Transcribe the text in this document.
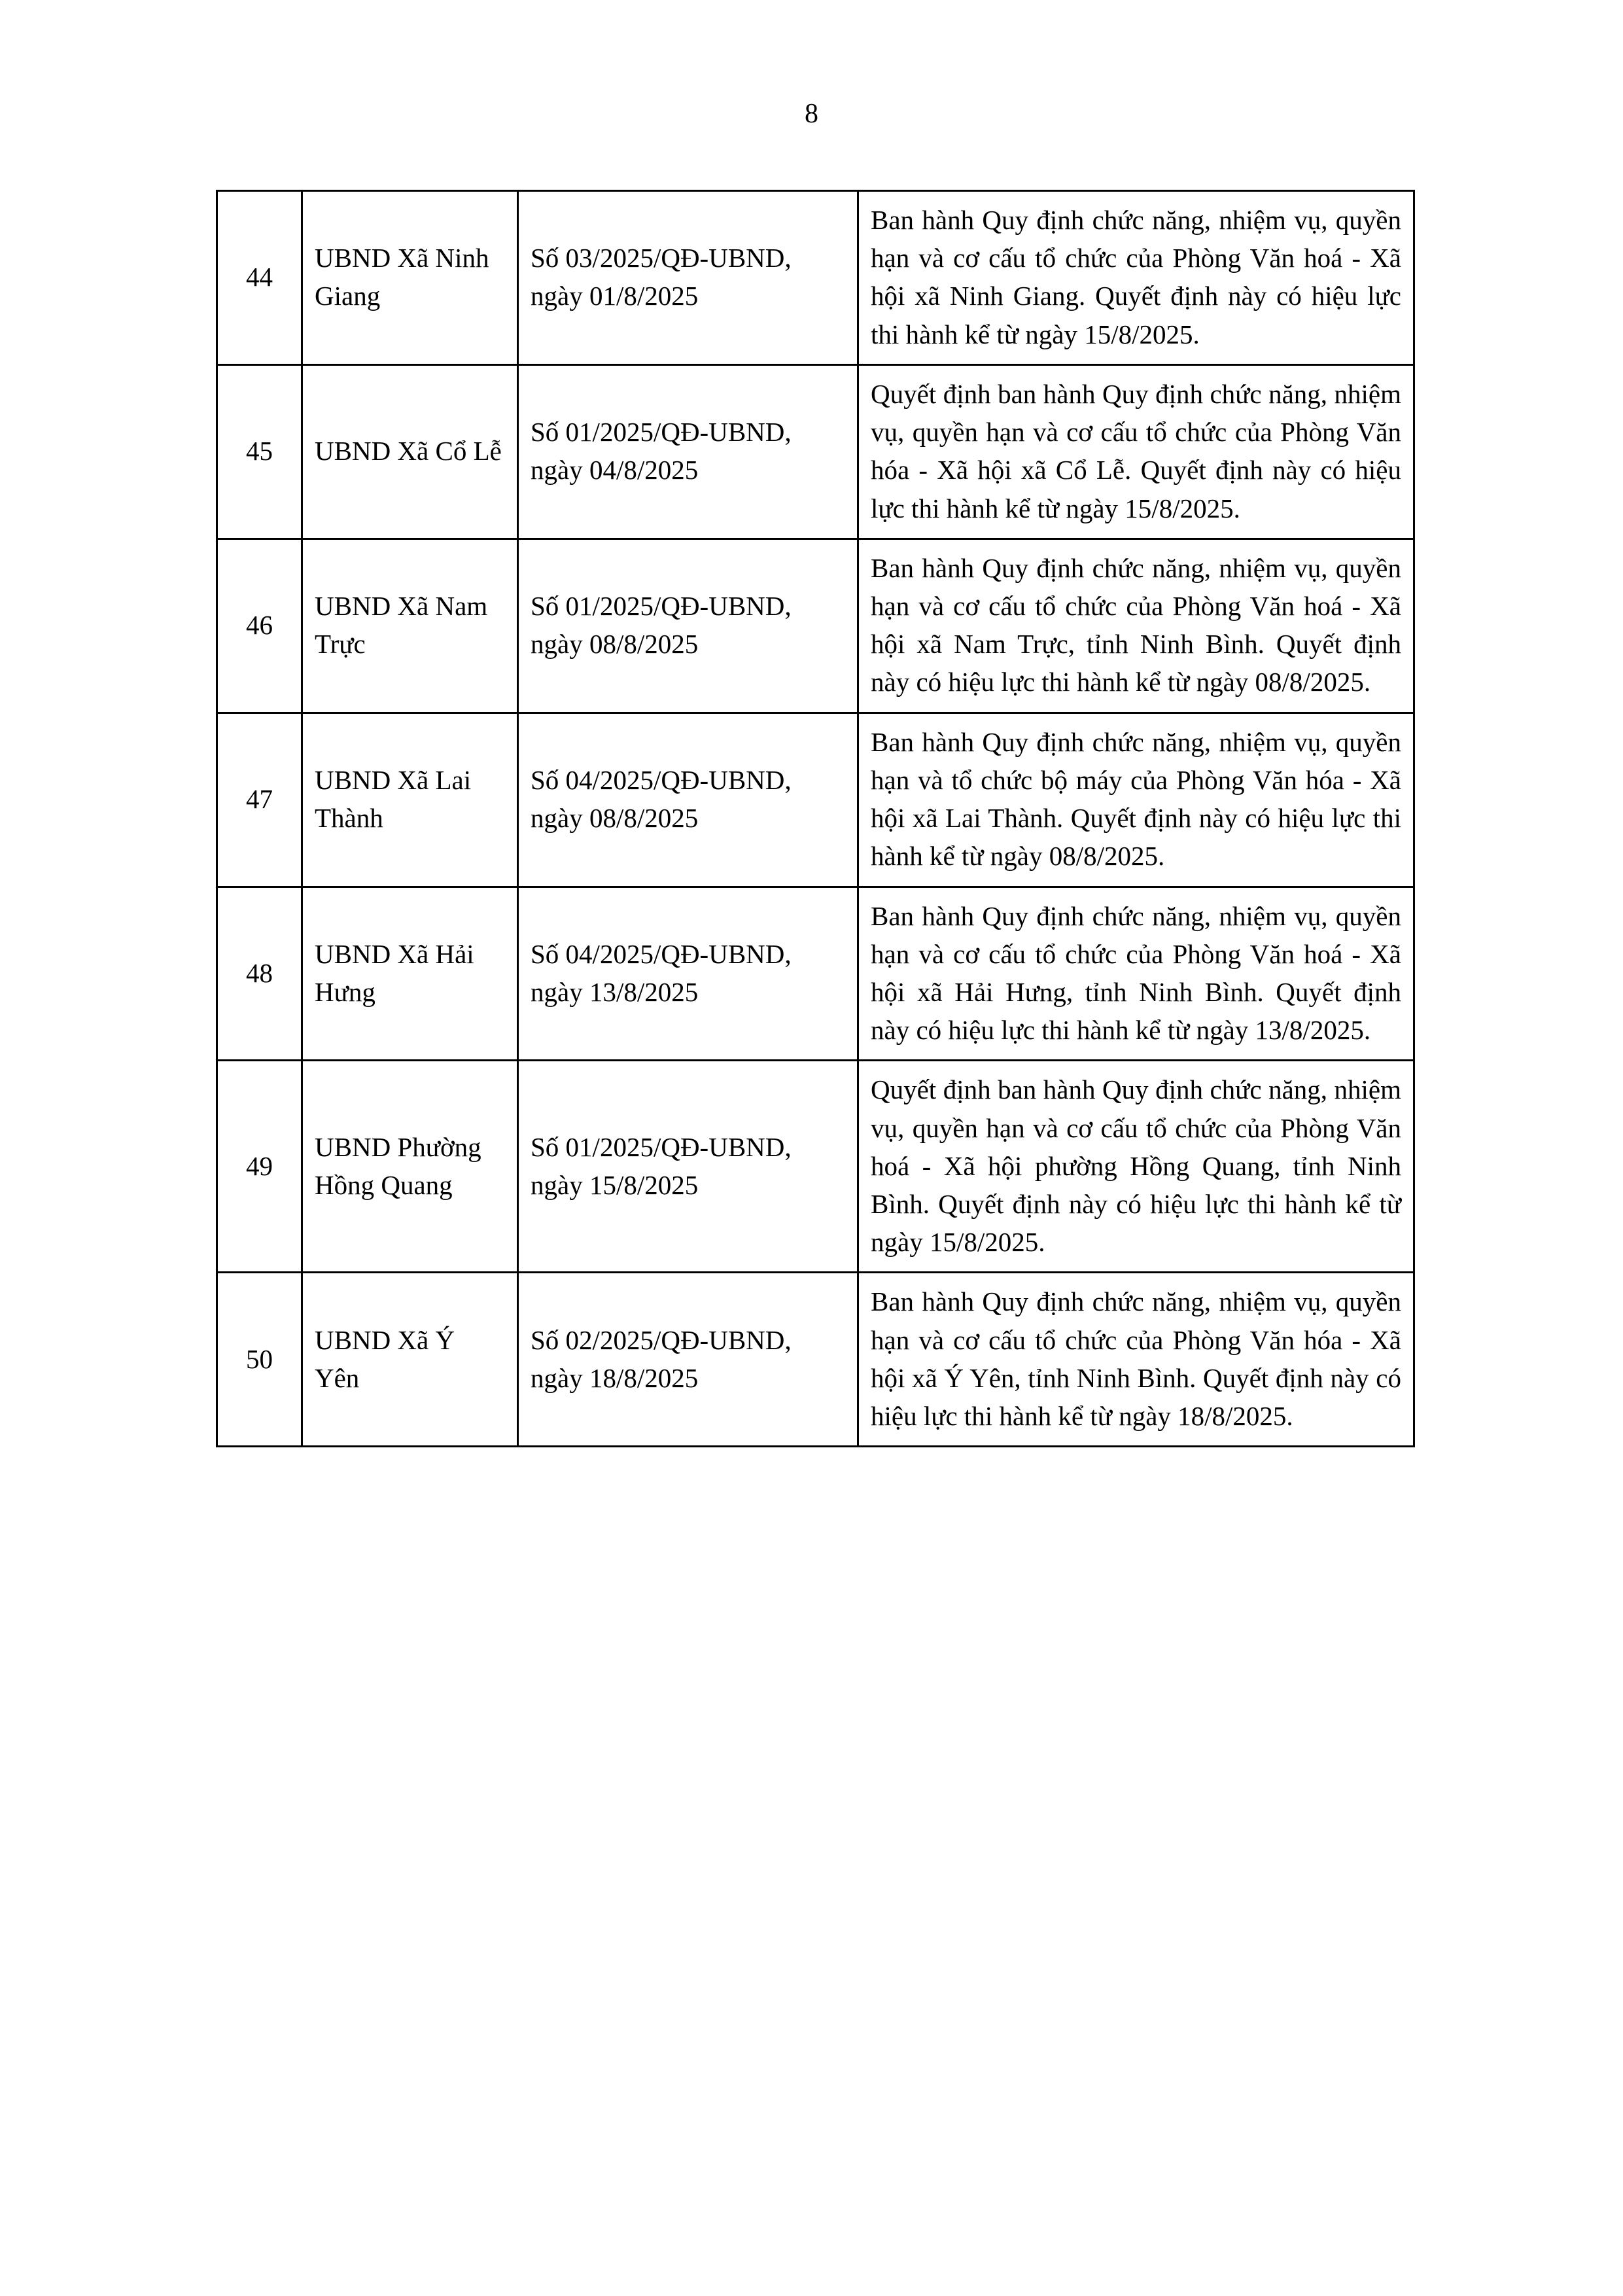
8
44	UBND Xã Ninh Giang	Số 03/2025/QĐ-UBND, ngày 01/8/2025	Ban hành Quy định chức năng, nhiệm vụ, quyền hạn và cơ cấu tổ chức của Phòng Văn hoá - Xã hội xã Ninh Giang. Quyết định này có hiệu lực thi hành kể từ ngày 15/8/2025.
45	UBND Xã Cổ Lễ	Số 01/2025/QĐ-UBND, ngày 04/8/2025	Quyết định ban hành Quy định chức năng, nhiệm vụ, quyền hạn và cơ cấu tổ chức của Phòng Văn hóa - Xã hội xã Cổ Lễ. Quyết định này có hiệu lực thi hành kể từ ngày 15/8/2025.
46	UBND Xã Nam Trực	Số 01/2025/QĐ-UBND, ngày 08/8/2025	Ban hành Quy định chức năng, nhiệm vụ, quyền hạn và cơ cấu tổ chức của Phòng Văn hoá - Xã hội xã Nam Trực, tỉnh Ninh Bình. Quyết định này có hiệu lực thi hành kể từ ngày 08/8/2025.
47	UBND Xã Lai Thành	Số 04/2025/QĐ-UBND, ngày 08/8/2025	Ban hành Quy định chức năng, nhiệm vụ, quyền hạn và tổ chức bộ máy của Phòng Văn hóa - Xã hội xã Lai Thành. Quyết định này có hiệu lực thi hành kể từ ngày 08/8/2025.
48	UBND Xã Hải Hưng	Số 04/2025/QĐ-UBND, ngày 13/8/2025	Ban hành Quy định chức năng, nhiệm vụ, quyền hạn và cơ cấu tổ chức của Phòng Văn hoá - Xã hội xã Hải Hưng, tỉnh Ninh Bình. Quyết định này có hiệu lực thi hành kể từ ngày 13/8/2025.
49	UBND Phường Hồng Quang	Số 01/2025/QĐ-UBND, ngày 15/8/2025	Quyết định ban hành Quy định chức năng, nhiệm vụ, quyền hạn và cơ cấu tổ chức của Phòng Văn hoá - Xã hội phường Hồng Quang, tỉnh Ninh Bình. Quyết định này có hiệu lực thi hành kể từ ngày 15/8/2025.
50	UBND Xã Ý Yên	Số 02/2025/QĐ-UBND, ngày 18/8/2025	Ban hành Quy định chức năng, nhiệm vụ, quyền hạn và cơ cấu tổ chức của Phòng Văn hóa - Xã hội xã Ý Yên, tỉnh Ninh Bình. Quyết định này có hiệu lực thi hành kể từ ngày 18/8/2025.
